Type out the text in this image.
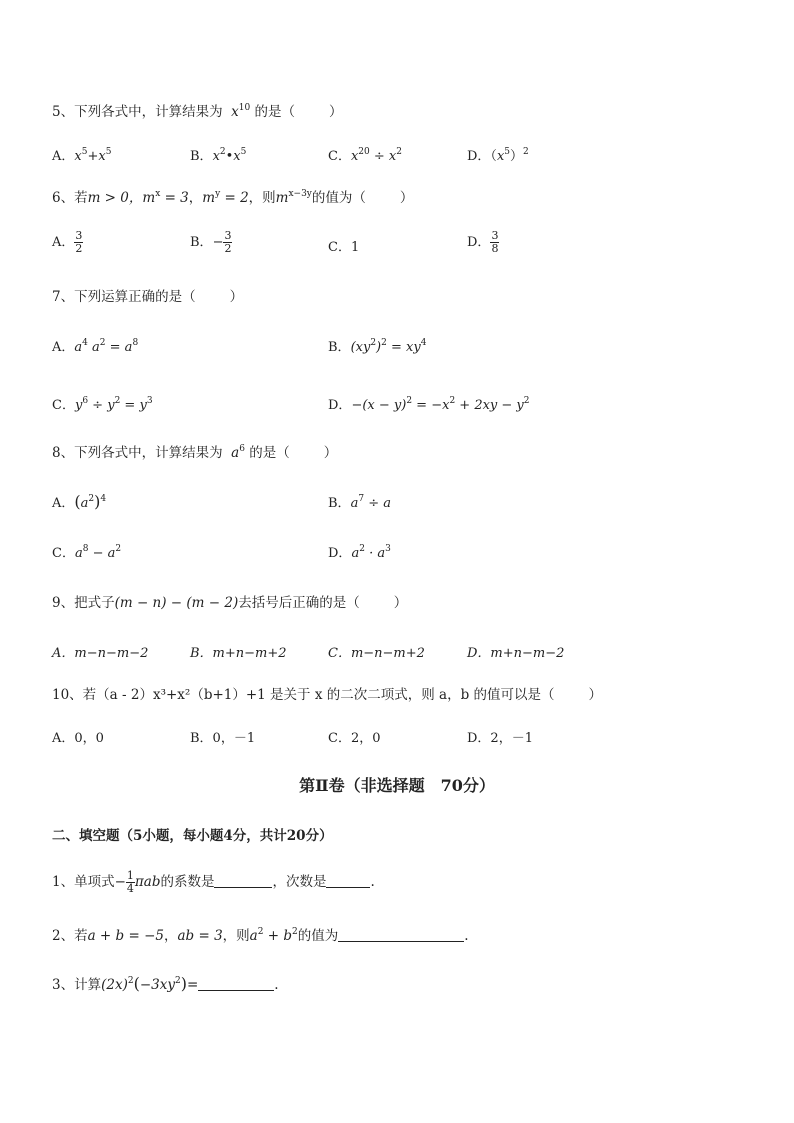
5、下列各式中，计算结果为  $x^{10}$ 的是（	）
A．$x^5+x^5$	B．$x^2•x^5$	C．$x^{20} \div x^2$	D．$(x^5)^2$
6、若m > 0，$m^x = 3$，$m^y = 2$，则$m^{x-3y}$的值为（	）
A． $\frac{3}{2}$	B．− $\frac{3}{2}$	C．1	D． $\frac{3}{8}$
7、下列运算正确的是（	）
A．$a^4$ $a^2 = a^8$	B．$(xy^2)^2 = xy^4$
C．$y^6 \div y^2 = y^3$	D．$-(x - y)^2 = -x^2 + 2xy - y^2$
8、下列各式中，计算结果为  $a^6$ 的是（	）
A．$(a^2)^4$	B．$a^7 \div a$
C．$a^8 - a^2$	D．$a^2 \cdot a^3$
9、把式子(m − n) − (m − 2)去括号后正确的是（	）
A．m−n−m−2	B．m+n−m+2	C．m−n−m+2	D．m+n−m−2
10、若（a - 2）x³+x²（b+1）+1 是关于 x 的二次二项式，则 a，b 的值可以是（	）
A．0，0	B．0，－1	C．2，0	D．2，－1
第Ⅱ卷（非选择题　70分）
二、填空题（5小题，每小题4分，共计20分）
1、单项式− $\frac{1}{4}$ πab的系数是	，次数是	.
2、若a + b = −5，ab = 3，则$a^2 + b^2$的值为	.
3、计算$(2x)^2(-3xy^2)=$	.
